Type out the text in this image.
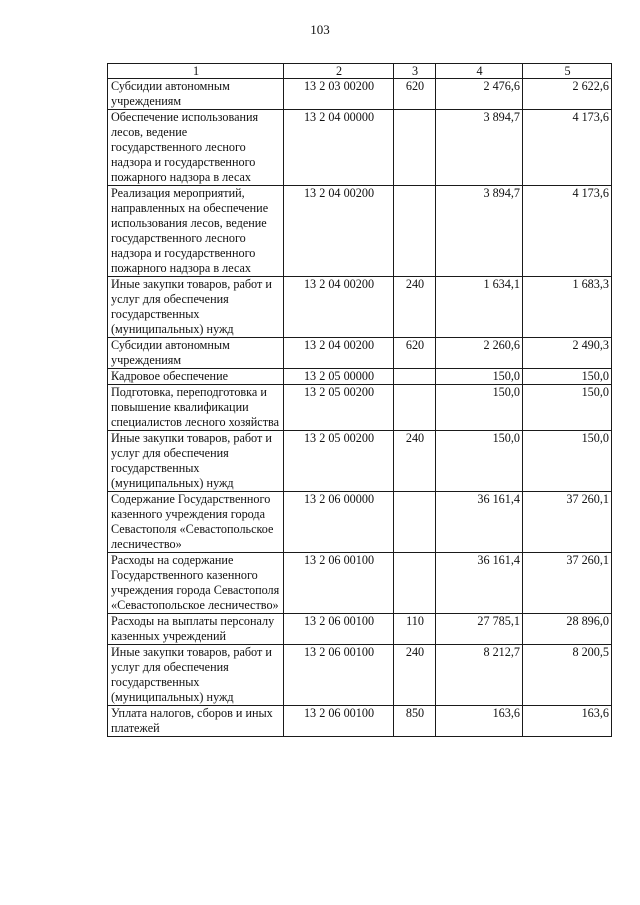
103
1	2	3	4	5
Субсидии автономным учреждениям	13 2 03 00200	620	2 476,6	2 622,6
Обеспечение использования лесов, ведение государственного лесного надзора и государственного пожарного надзора в лесах	13 2 04 00000		3 894,7	4 173,6
Реализация мероприятий, направленных на обеспечение использования лесов, ведение государственного лесного надзора и государственного пожарного надзора в лесах	13 2 04 00200		3 894,7	4 173,6
Иные закупки товаров, работ и услуг для обеспечения государственных (муниципальных) нужд	13 2 04 00200	240	1 634,1	1 683,3
Субсидии автономным учреждениям	13 2 04 00200	620	2 260,6	2 490,3
Кадровое обеспечение	13 2 05 00000		150,0	150,0
Подготовка, переподготовка и повышение квалификации специалистов лесного хозяйства	13 2 05 00200		150,0	150,0
Иные закупки товаров, работ и услуг для обеспечения государственных (муниципальных) нужд	13 2 05 00200	240	150,0	150,0
Содержание Государственного казенного учреждения города Севастополя «Севастопольское лесничество»	13 2 06 00000		36 161,4	37 260,1
Расходы на содержание Государственного казенного учреждения города Севастополя «Севастопольское лесничество»	13 2 06 00100		36 161,4	37 260,1
Расходы на выплаты персоналу казенных учреждений	13 2 06 00100	110	27 785,1	28 896,0
Иные закупки товаров, работ и услуг для обеспечения государственных (муниципальных) нужд	13 2 06 00100	240	8 212,7	8 200,5
Уплата налогов, сборов и иных платежей	13 2 06 00100	850	163,6	163,6
